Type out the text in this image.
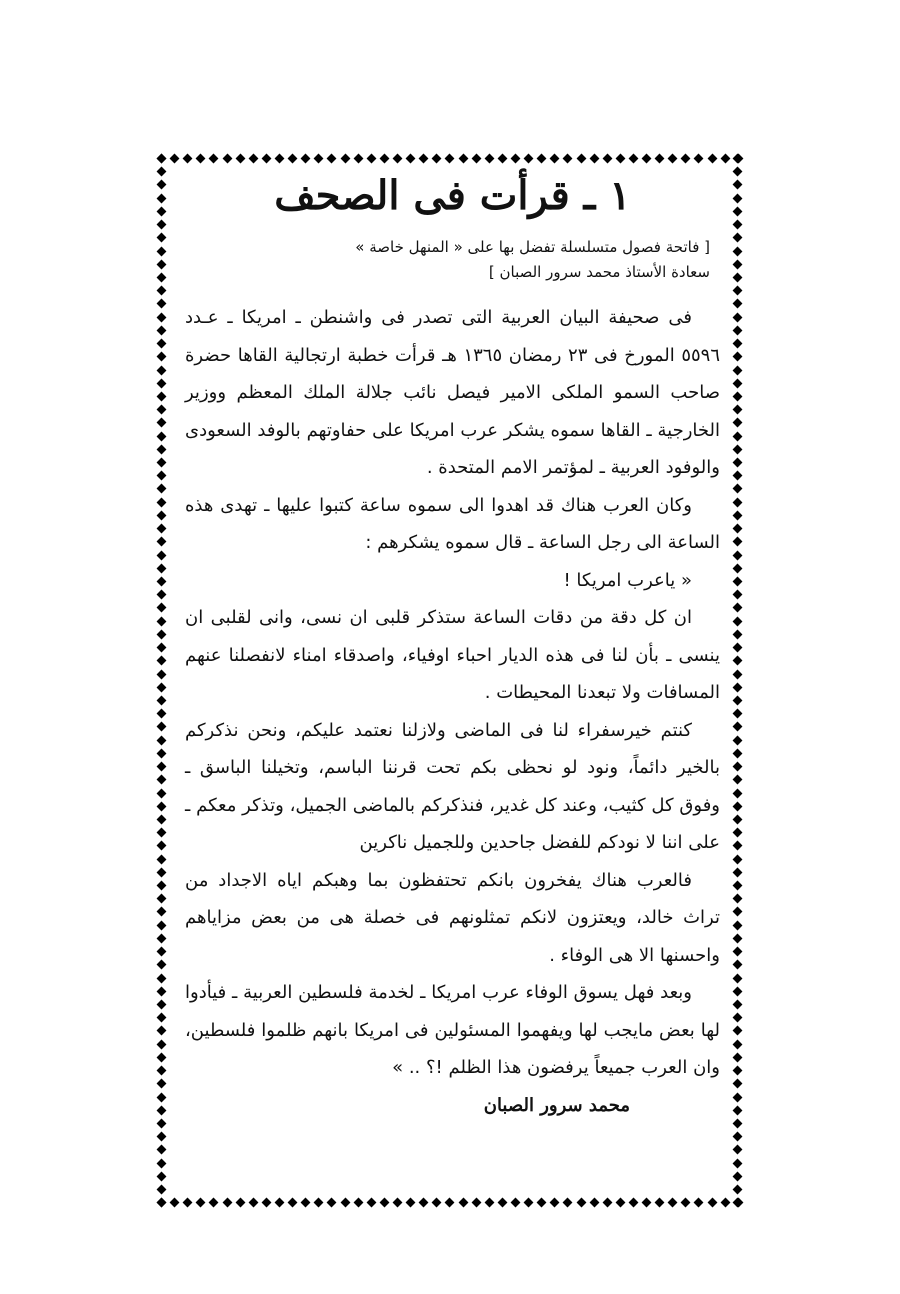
١ ـ قرأت فى الصحف
[ فاتحة فصول متسلسلة تفضل بها على « المنهل خاصة »
سعادة الأستاذ محمد سرور الصبان ]

فى صحيفة البيان العربية التى تصدر فى واشنطن ـ امريكا ـ عـدد ٥٥٩٦ المورخ فى ٢٣ رمضان ١٣٦٥ هـ قرأت خطبة ارتجالية القاها حضرة صاحب السمو الملكى الامير فيصل نائب جلالة الملك المعظم ووزير الخارجية ـ القاها سموه يشكر عرب امريكا على حفاوتهم بالوفد السعودى والوفود العربية ـ لمؤتمر الامم المتحدة .

وكان العرب هناك قد اهدوا الى سموه ساعة كتبوا عليها ـ تهدى هذه الساعة الى رجل الساعة ـ قال سموه يشكرهم :

« ياعرب امريكا !

ان كل دقة من دقات الساعة ستذكر قلبى ان نسى، وانى لقلبى ان ينسى ـ بأن لنا فى هذه الديار احباء اوفياء، واصدقاء امناء لانفصلنا عنهم المسافات ولا تبعدنا المحيطات .

كنتم خيرسفراء لنا فى الماضى ولازلنا نعتمد عليكم، ونحن نذكركم بالخير دائماً، ونود لو نحظى بكم تحت قرننا الباسم، وتخيلنا الباسق ـ وفوق كل كثيب، وعند كل غدير، فنذكركم بالماضى الجميل، وتذكر معكم ـ على اننا لا نودكم للفضل جاحدين وللجميل ناكرين

فالعرب هناك يفخرون بانكم تحتفظون بما وهبكم اياه الاجداد من تراث خالد، ويعتزون لانكم تمثلونهم فى خصلة هى من بعض مزاياهم واحسنها الا هى الوفاء .

وبعد فهل يسوق الوفاء عرب امريكا ـ لخدمة فلسطين العربية ـ فيأدوا لها بعض مايجب لها ويفهموا المسئولين فى امريكا بانهم ظلموا فلسطين، وان العرب جميعاً يرفضون هذا الظلم !؟ .. »

محمد سرور الصبان
